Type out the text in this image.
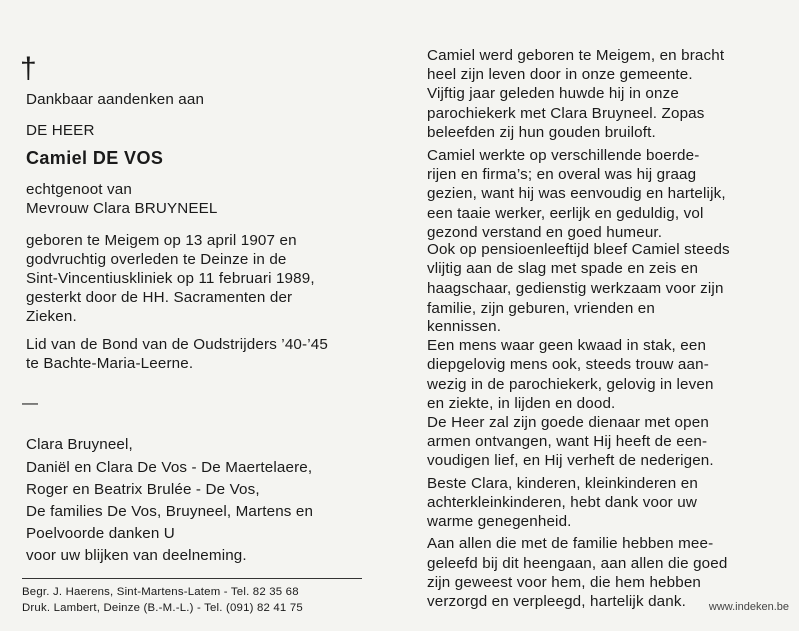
†
Dankbaar aandenken aan
DE HEER
Camiel DE VOS
echtgenoot van
Mevrouw Clara BRUYNEEL
geboren te Meigem op 13 april 1907 en
godvruchtig overleden te Deinze in de
Sint-Vincentiuskliniek op 11 februari 1989,
gesterkt door de HH. Sacramenten der
Zieken.
Lid van de Bond van de Oudstrijders ’40-’45
te Bachte-Maria-Leerne.
—
Clara Bruyneel,
Daniël en Clara De Vos - De Maertelaere,
Roger en Beatrix Brulée - De Vos,
De families De Vos, Bruyneel, Martens en
Poelvoorde danken U
voor uw blijken van deelneming.
Begr. J. Haerens, Sint-Martens-Latem - Tel. 82 35 68
Druk. Lambert, Deinze (B.-M.-L.) - Tel. (091) 82 41 75
Camiel werd geboren te Meigem, en bracht
heel zijn leven door in onze gemeente.
Vijftig jaar geleden huwde hij in onze
parochiekerk met Clara Bruyneel. Zopas
beleefden zij hun gouden bruiloft.
Camiel werkte op verschillende boerde-
rijen en firma’s; en overal was hij graag
gezien, want hij was eenvoudig en hartelijk,
een taaie werker, eerlijk en geduldig, vol
gezond verstand en goed humeur.
Ook op pensioenleeftijd bleef Camiel steeds
vlijtig aan de slag met spade en zeis en
haagschaar, gedienstig werkzaam voor zijn
familie, zijn geburen, vrienden en
kennissen.
Een mens waar geen kwaad in stak, een
diepgelovig mens ook, steeds trouw aan-
wezig in de parochiekerk, gelovig in leven
en ziekte, in lijden en dood.
De Heer zal zijn goede dienaar met open
armen ontvangen, want Hij heeft de een-
voudigen lief, en Hij verheft de nederigen.
Beste Clara, kinderen, kleinkinderen en
achterkleinkinderen, hebt dank voor uw
warme genegenheid.
Aan allen die met de familie hebben mee-
geleefd bij dit heengaan, aan allen die goed
zijn geweest voor hem, die hem hebben
verzorgd en verpleegd, hartelijk dank. www.indeken.be
